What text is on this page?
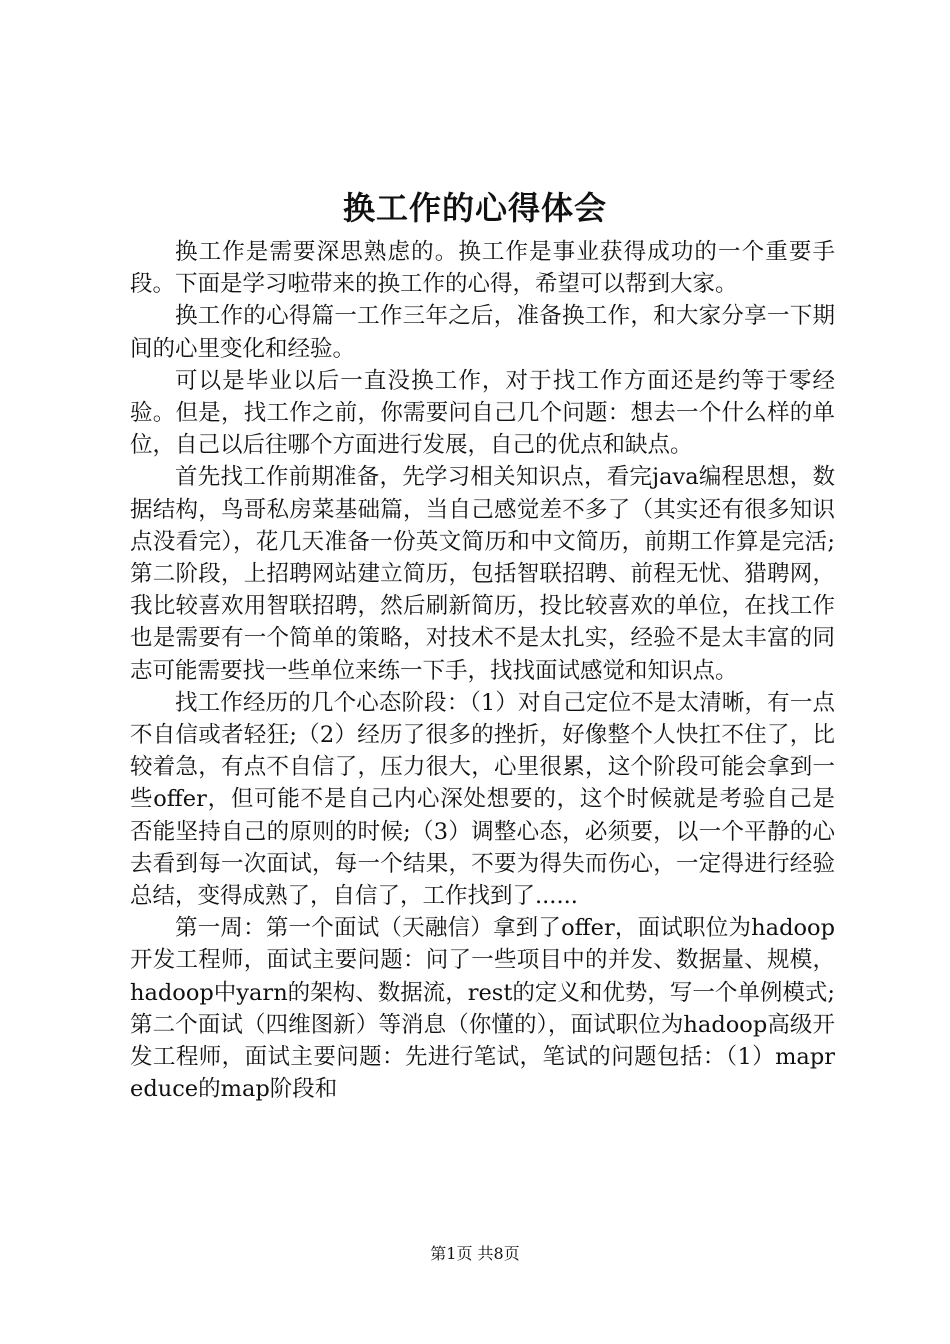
换工作的心得体会

换工作是需要深思熟虑的。换工作是事业获得成功的一个重要手段。下面是学习啦带来的换工作的心得，希望可以帮到大家。

换工作的心得篇一工作三年之后，准备换工作，和大家分享一下期间的心里变化和经验。

可以是毕业以后一直没换工作，对于找工作方面还是约等于零经验。但是，找工作之前，你需要问自己几个问题：想去一个什么样的单位，自己以后往哪个方面进行发展，自己的优点和缺点。

首先找工作前期准备，先学习相关知识点，看完java编程思想，数据结构，鸟哥私房菜基础篇，当自己感觉差不多了（其实还有很多知识点没看完），花几天准备一份英文简历和中文简历，前期工作算是完活;第二阶段，上招聘网站建立简历，包括智联招聘、前程无忧、猎聘网，我比较喜欢用智联招聘，然后刷新简历，投比较喜欢的单位，在找工作也是需要有一个简单的策略，对技术不是太扎实，经验不是太丰富的同志可能需要找一些单位来练一下手，找找面试感觉和知识点。

找工作经历的几个心态阶段：（1）对自己定位不是太清晰，有一点不自信或者轻狂;（2）经历了很多的挫折，好像整个人快扛不住了，比较着急，有点不自信了，压力很大，心里很累，这个阶段可能会拿到一些offer，但可能不是自己内心深处想要的，这个时候就是考验自己是否能坚持自己的原则的时候;（3）调整心态，必须要，以一个平静的心去看到每一次面试，每一个结果，不要为得失而伤心，一定得进行经验总结，变得成熟了，自信了，工作找到了......

第一周：第一个面试（天融信）拿到了offer，面试职位为hadoop开发工程师，面试主要问题：问了一些项目中的并发、数据量、规模，hadoop中yarn的架构、数据流，rest的定义和优势，写一个单例模式;第二个面试（四维图新）等消息（你懂的），面试职位为hadoop高级开发工程师，面试主要问题：先进行笔试，笔试的问题包括：（1）mapreduce的map阶段和

第1页 共8页
